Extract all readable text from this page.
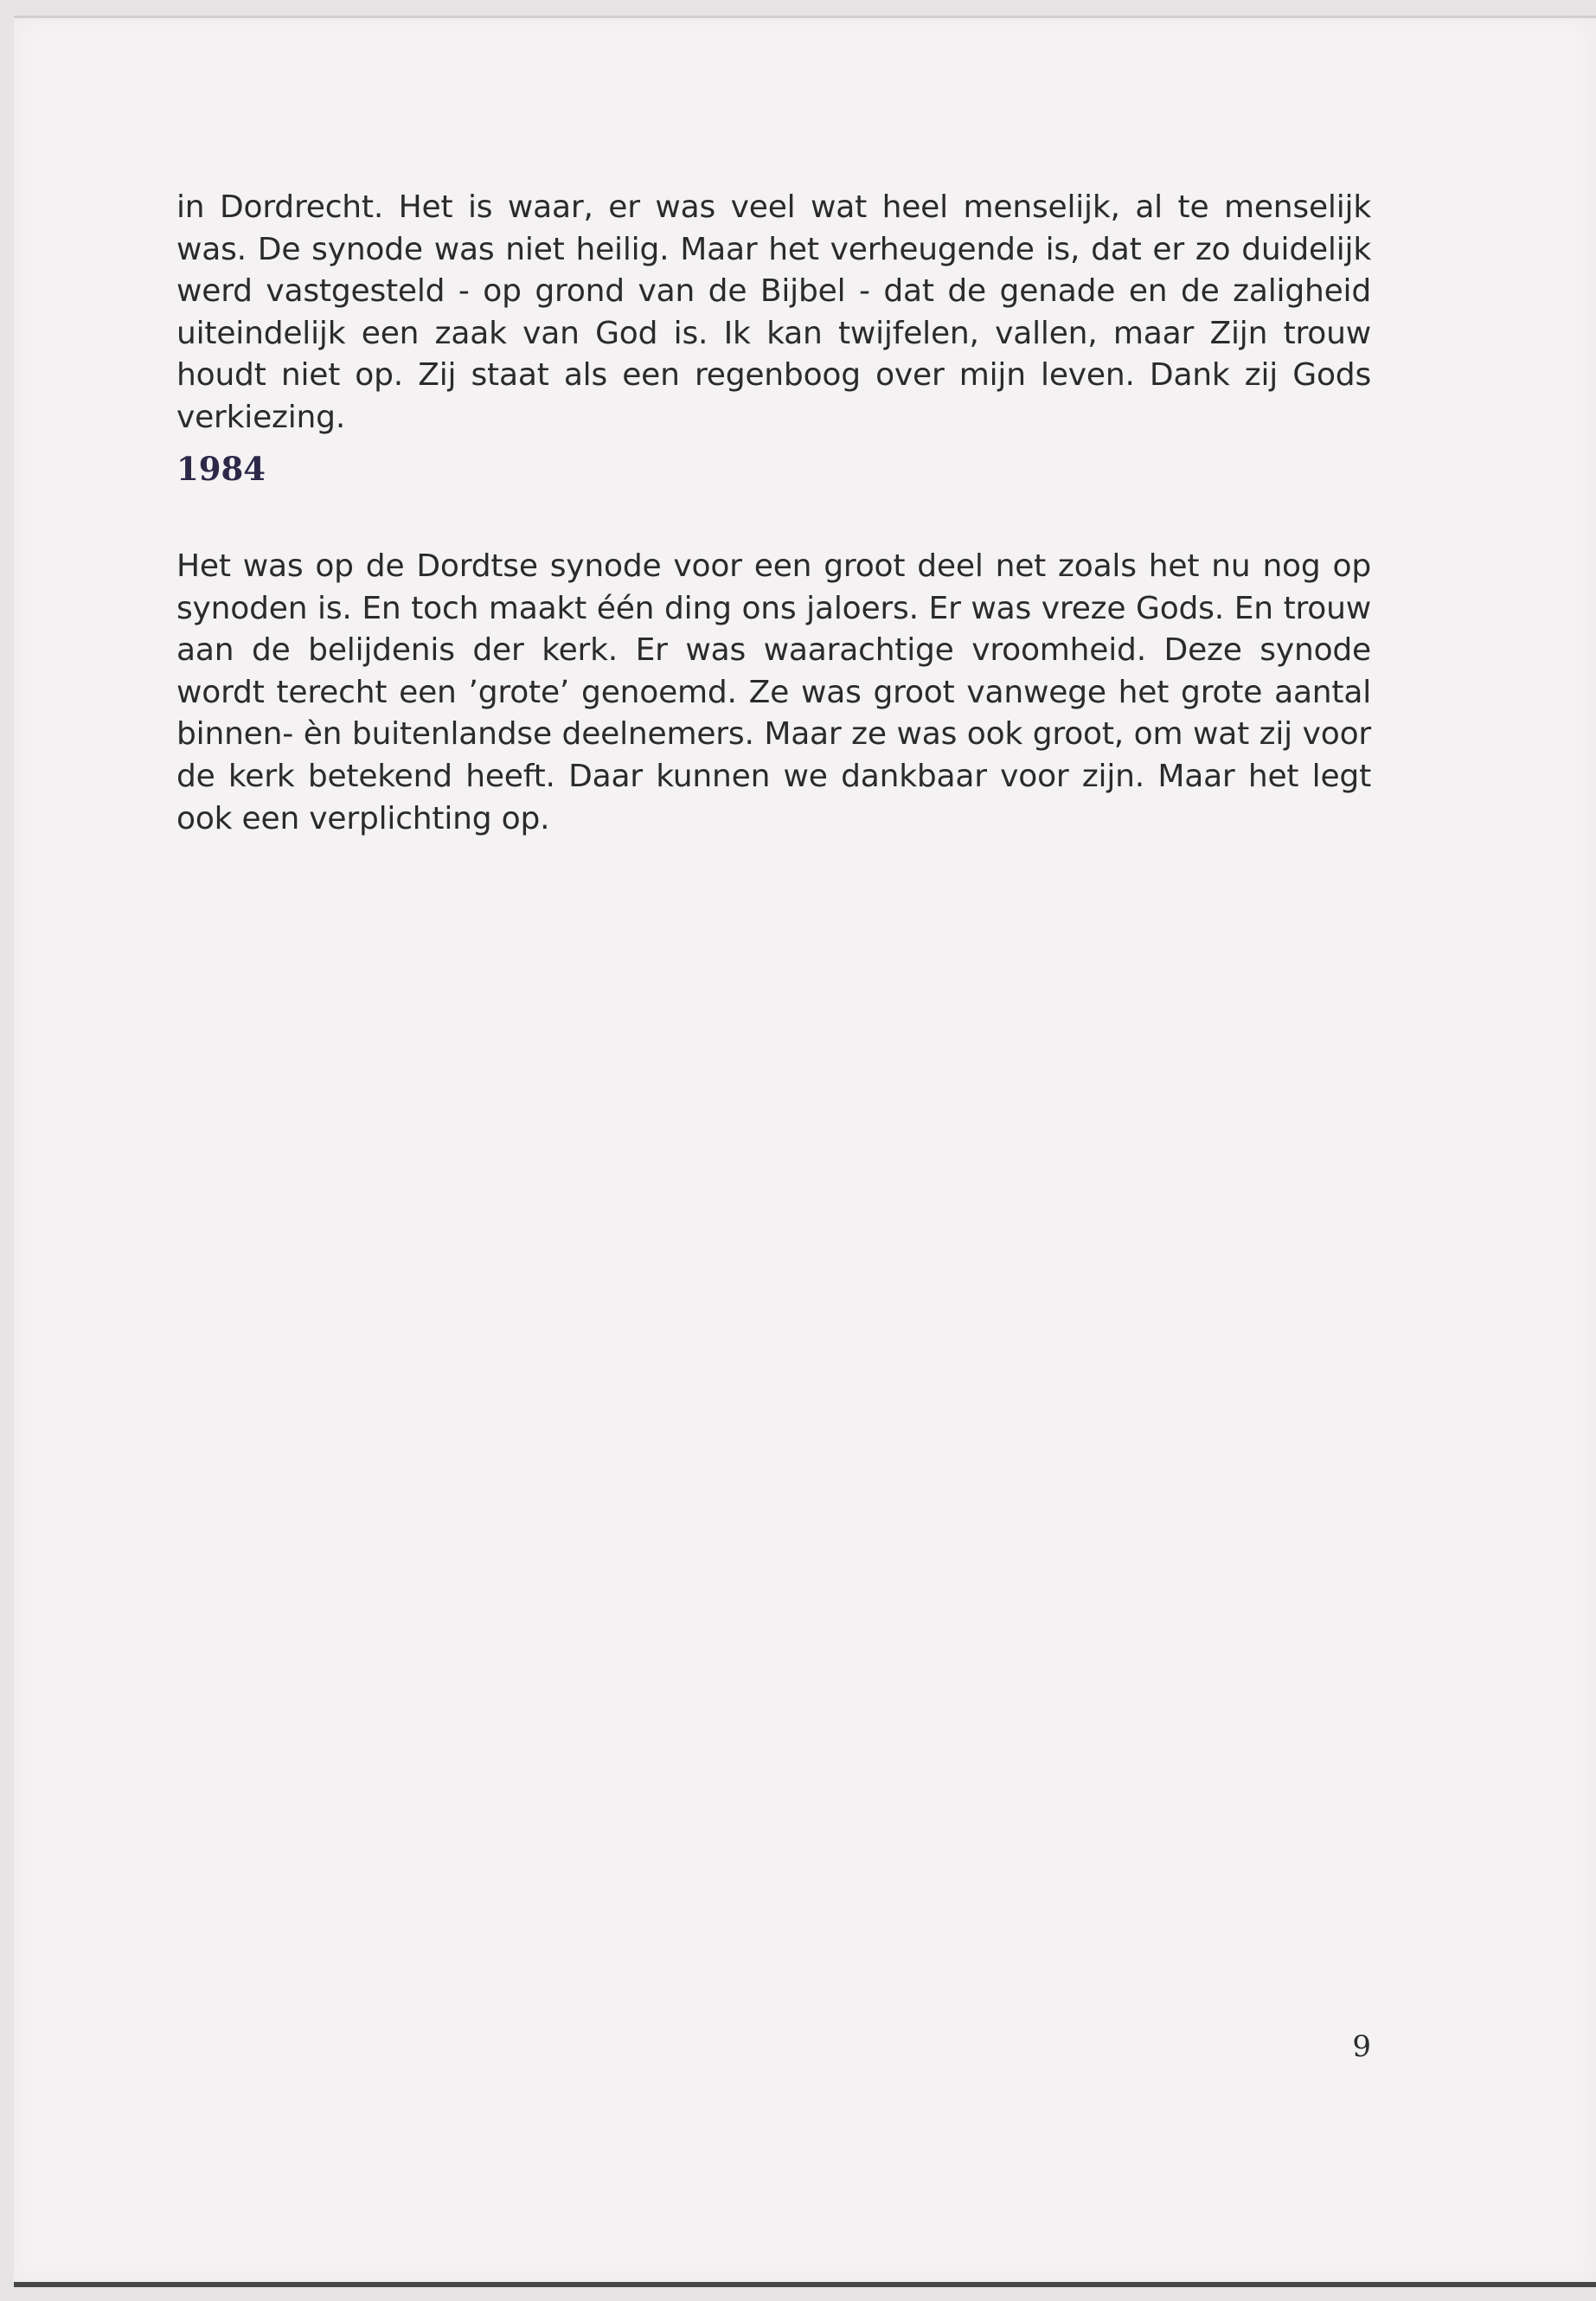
in Dordrecht. Het is waar, er was veel wat heel menselijk, al te menselijk was. De synode was niet heilig. Maar het verheugende is, dat er zo duidelijk werd vastgesteld - op grond van de Bijbel - dat de genade en de zaligheid uiteindelijk een zaak van God is. Ik kan twijfelen, vallen, maar Zijn trouw houdt niet op. Zij staat als een regenboog over mijn leven. Dank zij Gods verkiezing.

1984

Het was op de Dordtse synode voor een groot deel net zoals het nu nog op synoden is. En toch maakt één ding ons jaloers. Er was vreze Gods. En trouw aan de belijdenis der kerk. Er was waarachtige vroomheid. Deze synode wordt terecht een ’grote’ genoemd. Ze was groot vanwege het grote aantal binnen- èn buitenlandse deelnemers. Maar ze was ook groot, om wat zij voor de kerk betekend heeft. Daar kunnen we dankbaar voor zijn. Maar het legt ook een verplichting op.

9
